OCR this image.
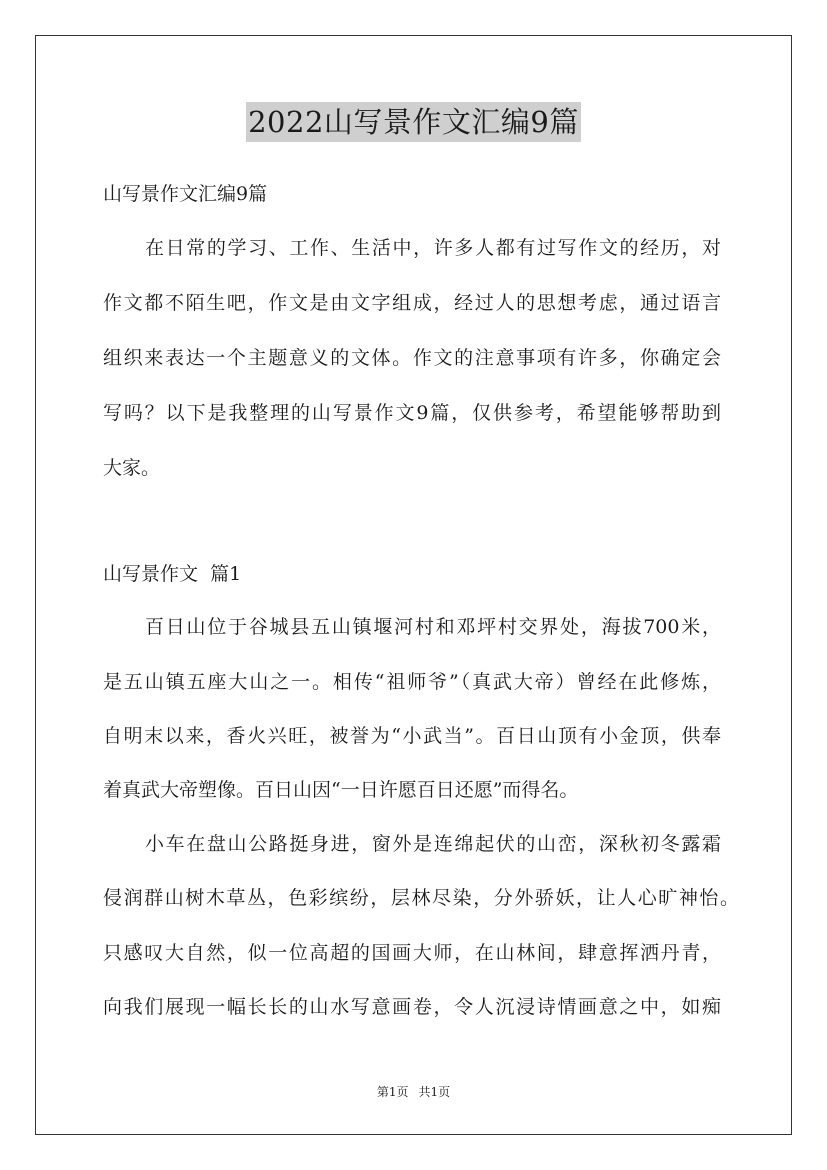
2022山写景作文汇编9篇
山写景作文汇编9篇
在日常的学习、工作、生活中，许多人都有过写作文的经历，对
作文都不陌生吧，作文是由文字组成，经过人的思想考虑，通过语言
组织来表达一个主题意义的文体。作文的注意事项有许多，你确定会
写吗？以下是我整理的山写景作文9篇，仅供参考，希望能够帮助到
大家。
山写景作文  篇1
百日山位于谷城县五山镇堰河村和邓坪村交界处，海拔700米，
是五山镇五座大山之一。相传“祖师爷”（真武大帝）曾经在此修炼，
自明末以来，香火兴旺，被誉为“小武当”。百日山顶有小金顶，供奉
着真武大帝塑像。百日山因“一日许愿百日还愿”而得名。
小车在盘山公路挺身进，窗外是连绵起伏的山峦，深秋初冬露霜
侵润群山树木草丛，色彩缤纷，层林尽染，分外骄妖，让人心旷神怡。
只感叹大自然，似一位高超的国画大师，在山林间，肆意挥洒丹青，
向我们展现一幅长长的山水写意画卷，令人沉浸诗情画意之中，如痴
第1页 共1页
